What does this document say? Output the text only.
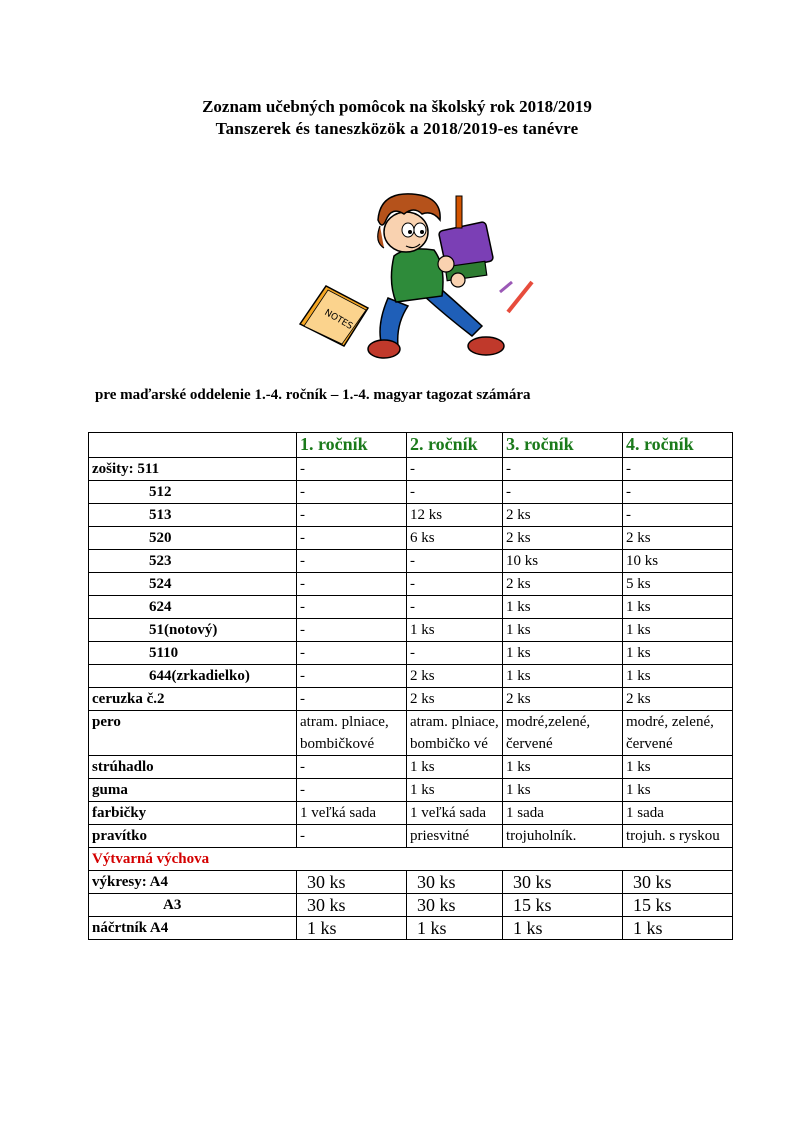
Zoznam učebných pomôcok na školský rok 2018/2019
Tanszerek és taneszközök a 2018/2019-es tanévre
NOTES
pre maďarské oddelenie 1.-4. ročník – 1.-4. magyar tagozat számára
	1. ročník	2. ročník	3. ročník	4. ročník
zošity: 511	-	-	-	-
512	-	-	-	-
513	-	12 ks	2 ks	-
520	-	6 ks	2 ks	2 ks
523	-	-	10 ks	10 ks
524	-	-	2 ks	5 ks
624	-	-	1 ks	1 ks
51(notový)	-	1 ks	1 ks	1 ks
5110	-	-	1 ks	1 ks
644(zrkadielko)	-	2 ks	1 ks	1 ks
ceruzka č.2	-	2 ks	2 ks	2 ks
pero	atram. plniace, bombičkové	atram. plniace, bombičko vé	modré,zelené, červené	modré, zelené, červené
strúhadlo	-	1 ks	1 ks	1 ks
guma	-	1 ks	1 ks	1 ks
farbičky	1 veľká sada	1 veľká sada	1 sada	1 sada
pravítko	-	priesvitné	trojuholník.	trojuh. s ryskou
Výtvarná výchova				
výkresy: A4	30 ks	30 ks	30 ks	30 ks
A3	30 ks	30 ks	15 ks	15 ks
náčrtník A4	1 ks	1 ks	1 ks	1 ks
